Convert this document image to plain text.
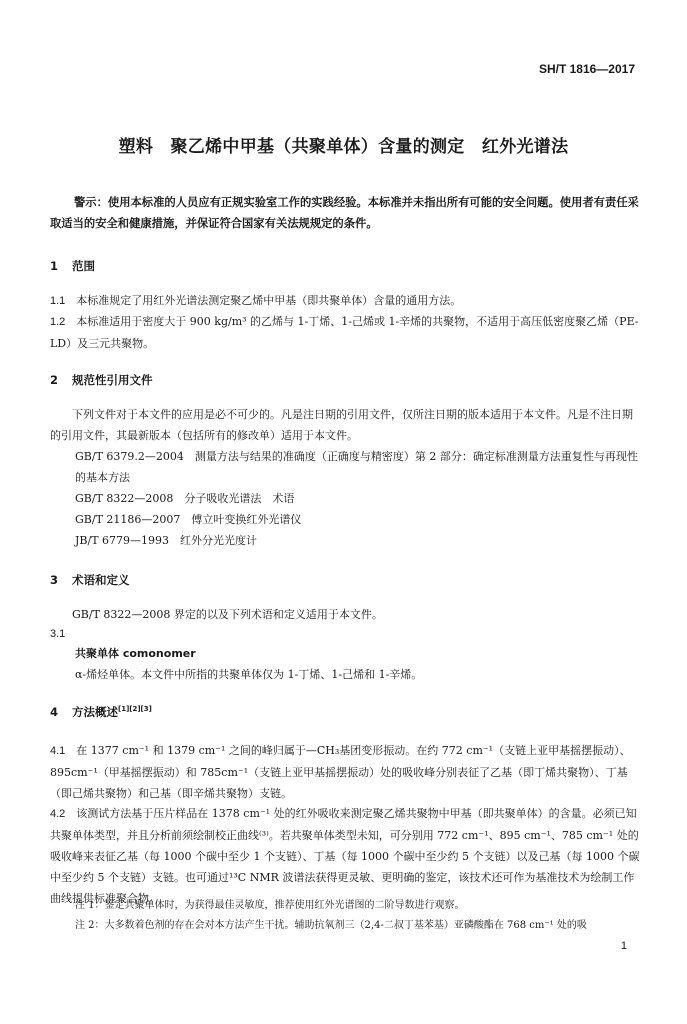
SH/T 1816—2017
塑料　聚乙烯中甲基（共聚单体）含量的测定　红外光谱法
警示：使用本标准的人员应有正规实验室工作的实践经验。本标准并未指出所有可能的安全问题。使用者有责任采取适当的安全和健康措施，并保证符合国家有关法规规定的条件。
1 范围
1.1　 本标准规定了用红外光谱法测定聚乙烯中甲基（即共聚单体）含量的通用方法。
1.2　 本标准适用于密度大于 900 kg/m³ 的乙烯与 1-丁烯、1-己烯或 1-辛烯的共聚物，不适用于高压低密度聚乙烯（PE-LD）及三元共聚物。
2 规范性引用文件
下列文件对于本文件的应用是必不可少的。凡是注日期的引用文件，仅所注日期的版本适用于本文件。凡是不注日期的引用文件，其最新版本（包括所有的修改单）适用于本文件。
GB/T 6379.2—2004　测量方法与结果的准确度（正确度与精密度）第 2 部分：确定标准测量方法重复性与再现性的基本方法
GB/T 8322—2008　分子吸收光谱法　术语
GB/T 21186—2007　傅立叶变换红外光谱仪
JB/T 6779—1993　红外分光光度计
3 术语和定义
GB/T 8322—2008 界定的以及下列术语和定义适用于本文件。
3.1
共聚单体 comonomer
α-烯烃单体。本文件中所指的共聚单体仅为 1-丁烯、1-己烯和 1-辛烯。
4 方法概述[1][2][3]
4.1　 在 1377 cm⁻¹ 和 1379 cm⁻¹ 之间的峰归属于—CH₃基团变形振动。在约 772 cm⁻¹（支链上亚甲基摇摆振动）、895cm⁻¹（甲基摇摆振动）和 785cm⁻¹（支链上亚甲基摇摆振动）处的吸收峰分别表征了乙基（即丁烯共聚物）、丁基（即己烯共聚物）和己基（即辛烯共聚物）支链。
4.2　 该测试方法基于压片样品在 1378 cm⁻¹ 处的红外吸收来测定聚乙烯共聚物中甲基（即共聚单体）的含量。必须已知共聚单体类型，并且分析前须绘制校正曲线⁽³⁾。若共聚单体类型未知，可分别用 772 cm⁻¹、895 cm⁻¹、785 cm⁻¹ 处的吸收峰来表征乙基（每 1000 个碳中至少 1 个支链）、丁基（每 1000 个碳中至少约 5 个支链）以及己基（每 1000 个碳中至少约 5 个支链）支链。也可通过¹³C NMR 波谱法获得更灵敏、更明确的鉴定，该技术还可作为基准技术为绘制工作曲线提供标准聚合物。
注 1：鉴定共聚单体时，为获得最佳灵敏度，推荐使用红外光谱图的二阶导数进行观察。
注 2：大多数着色剂的存在会对本方法产生干扰。辅助抗氧剂三（2,4-二叔丁基苯基）亚磷酸酯在 768 cm⁻¹ 处的吸
1
